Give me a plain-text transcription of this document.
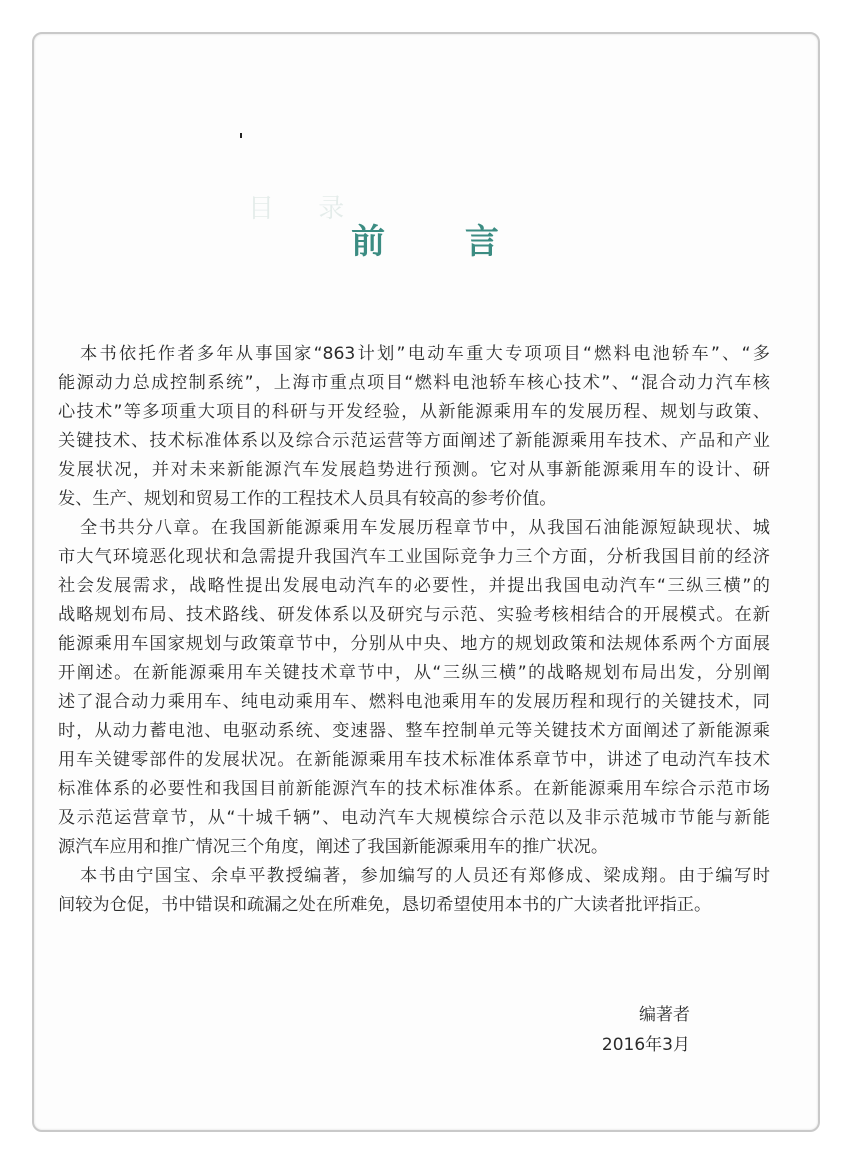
目 录
前 言
本书依托作者多年从事国家“863计划”电动车重大专项项目“燃料电池轿车”、“多
能源动力总成控制系统”，上海市重点项目“燃料电池轿车核心技术”、“混合动力汽车核
心技术”等多项重大项目的科研与开发经验，从新能源乘用车的发展历程、规划与政策、
关键技术、技术标准体系以及综合示范运营等方面阐述了新能源乘用车技术、产品和产业
发展状况，并对未来新能源汽车发展趋势进行预测。它对从事新能源乘用车的设计、研
发、生产、规划和贸易工作的工程技术人员具有较高的参考价值。
全书共分八章。在我国新能源乘用车发展历程章节中，从我国石油能源短缺现状、城
市大气环境恶化现状和急需提升我国汽车工业国际竞争力三个方面，分析我国目前的经济
社会发展需求，战略性提出发展电动汽车的必要性，并提出我国电动汽车“三纵三横”的
战略规划布局、技术路线、研发体系以及研究与示范、实验考核相结合的开展模式。在新
能源乘用车国家规划与政策章节中，分别从中央、地方的规划政策和法规体系两个方面展
开阐述。在新能源乘用车关键技术章节中，从“三纵三横”的战略规划布局出发，分别阐
述了混合动力乘用车、纯电动乘用车、燃料电池乘用车的发展历程和现行的关键技术，同
时，从动力蓄电池、电驱动系统、变速器、整车控制单元等关键技术方面阐述了新能源乘
用车关键零部件的发展状况。在新能源乘用车技术标准体系章节中，讲述了电动汽车技术
标准体系的必要性和我国目前新能源汽车的技术标准体系。在新能源乘用车综合示范市场
及示范运营章节，从“十城千辆”、电动汽车大规模综合示范以及非示范城市节能与新能
源汽车应用和推广情况三个角度，阐述了我国新能源乘用车的推广状况。
本书由宁国宝、余卓平教授编著，参加编写的人员还有郑修成、梁成翔。由于编写时
间较为仓促，书中错误和疏漏之处在所难免，恳切希望使用本书的广大读者批评指正。
编著者
2016年3月
